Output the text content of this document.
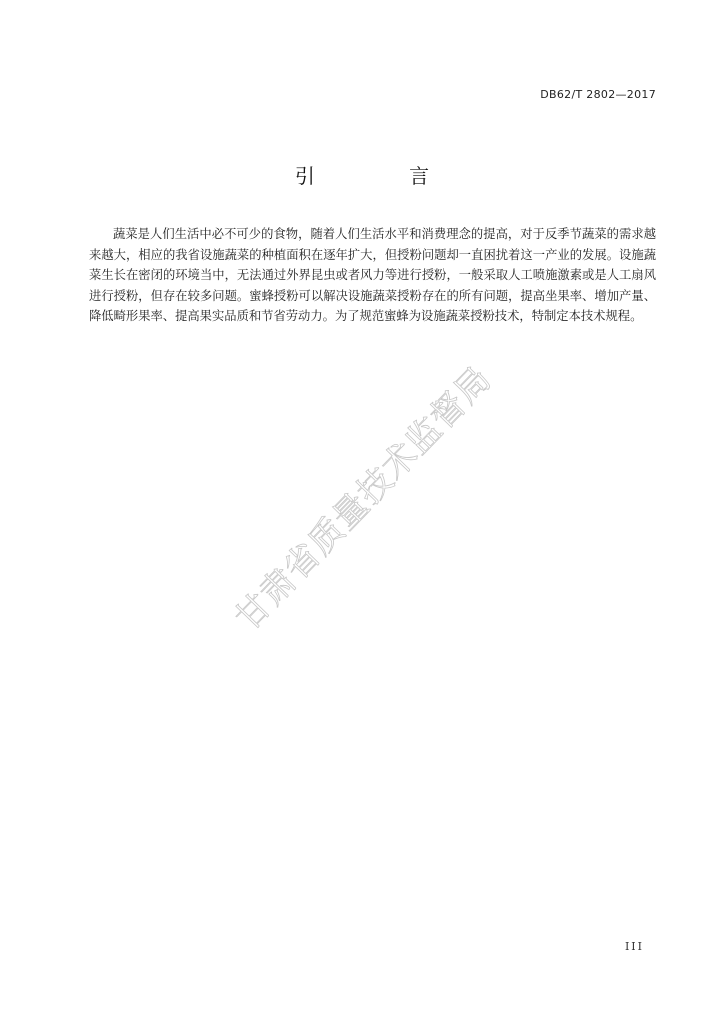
DB62/T 2802—2017
引 言

蔬菜是人们生活中必不可少的食物，随着人们生活水平和消费理念的提高，对于反季节蔬菜的需求越来越大，相应的我省设施蔬菜的种植面积在逐年扩大，但授粉问题却一直困扰着这一产业的发展。设施蔬菜生长在密闭的环境当中，无法通过外界昆虫或者风力等进行授粉，一般采取人工喷施激素或是人工扇风进行授粉，但存在较多问题。蜜蜂授粉可以解决设施蔬菜授粉存在的所有问题，提高坐果率、增加产量、降低畸形果率、提高果实品质和节省劳动力。为了规范蜜蜂为设施蔬菜授粉技术，特制定本技术规程。

甘肃省质量技术监督局
III
